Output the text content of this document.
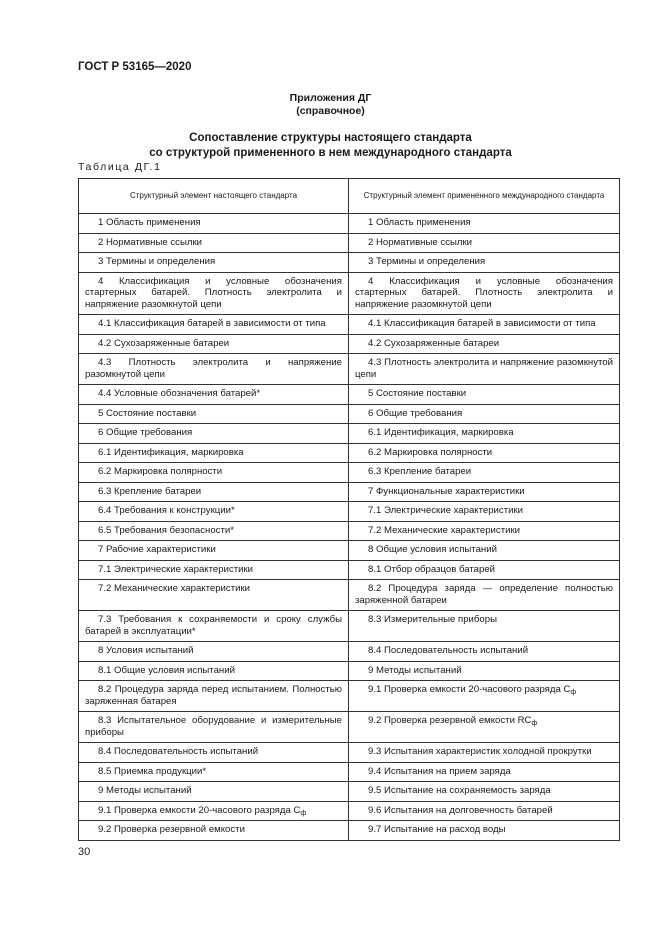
ГОСТ Р 53165—2020
Приложения ДГ
(справочное)
Сопоставление структуры настоящего стандарта
со структурой примененного в нем международного стандарта
Таблица ДГ.1
Структурный элемент настоящего стандарта	Структурный элемент примененного международного стандарта
1 Область применения	1 Область применения
2 Нормативные ссылки	2 Нормативные ссылки
3 Термины и определения	3 Термины и определения
4 Классификация и условные обозначения стартерных батарей. Плотность электролита и напряжение разомкнутой цепи	4 Классификация и условные обозначения стартерных батарей. Плотность электролита и напряжение разомкнутой цепи
4.1 Классификация батарей в зависимости от типа	4.1 Классификация батарей в зависимости от типа
4.2 Сухозаряженные батареи	4.2 Сухозаряженные батареи
4.3 Плотность электролита и напряжение разомкнутой цепи	4.3 Плотность электролита и напряжение разомкнутой цепи
4.4 Условные обозначения батарей*	5 Состояние поставки
5 Состояние поставки	6 Общие требования
6 Общие требования	6.1 Идентификация, маркировка
6.1 Идентификация, маркировка	6.2 Маркировка полярности
6.2 Маркировка полярности	6.3 Крепление батареи
6.3 Крепление батареи	7 Функциональные характеристики
6.4 Требования к конструкции*	7.1 Электрические характеристики
6.5 Требования безопасности*	7.2 Механические характеристики
7 Рабочие характеристики	8 Общие условия испытаний
7.1 Электрические характеристики	8.1 Отбор образцов батарей
7.2 Механические характеристики	8.2 Процедура заряда — определение полностью заряженной батареи
7.3 Требования к сохраняемости и сроку службы батарей в эксплуатации*	8.3 Измерительные приборы
8 Условия испытаний	8.4 Последовательность испытаний
8.1 Общие условия испытаний	9 Методы испытаний
8.2 Процедура заряда перед испытанием. Полностью заряженная батарея	9.1 Проверка емкости 20-часового разряда $C_ф$
8.3 Испытательное оборудование и измерительные приборы	9.2 Проверка резервной емкости $RC_ф$
8.4 Последовательность испытаний	9.3 Испытания характеристик холодной прокрутки
8.5 Приемка продукции*	9.4 Испытания на прием заряда
9 Методы испытаний	9.5 Испытание на сохраняемость заряда
9.1 Проверка емкости 20-часового разряда $C_ф$	9.6 Испытания на долговечность батарей
9.2 Проверка резервной емкости	9.7 Испытание на расход воды
30
